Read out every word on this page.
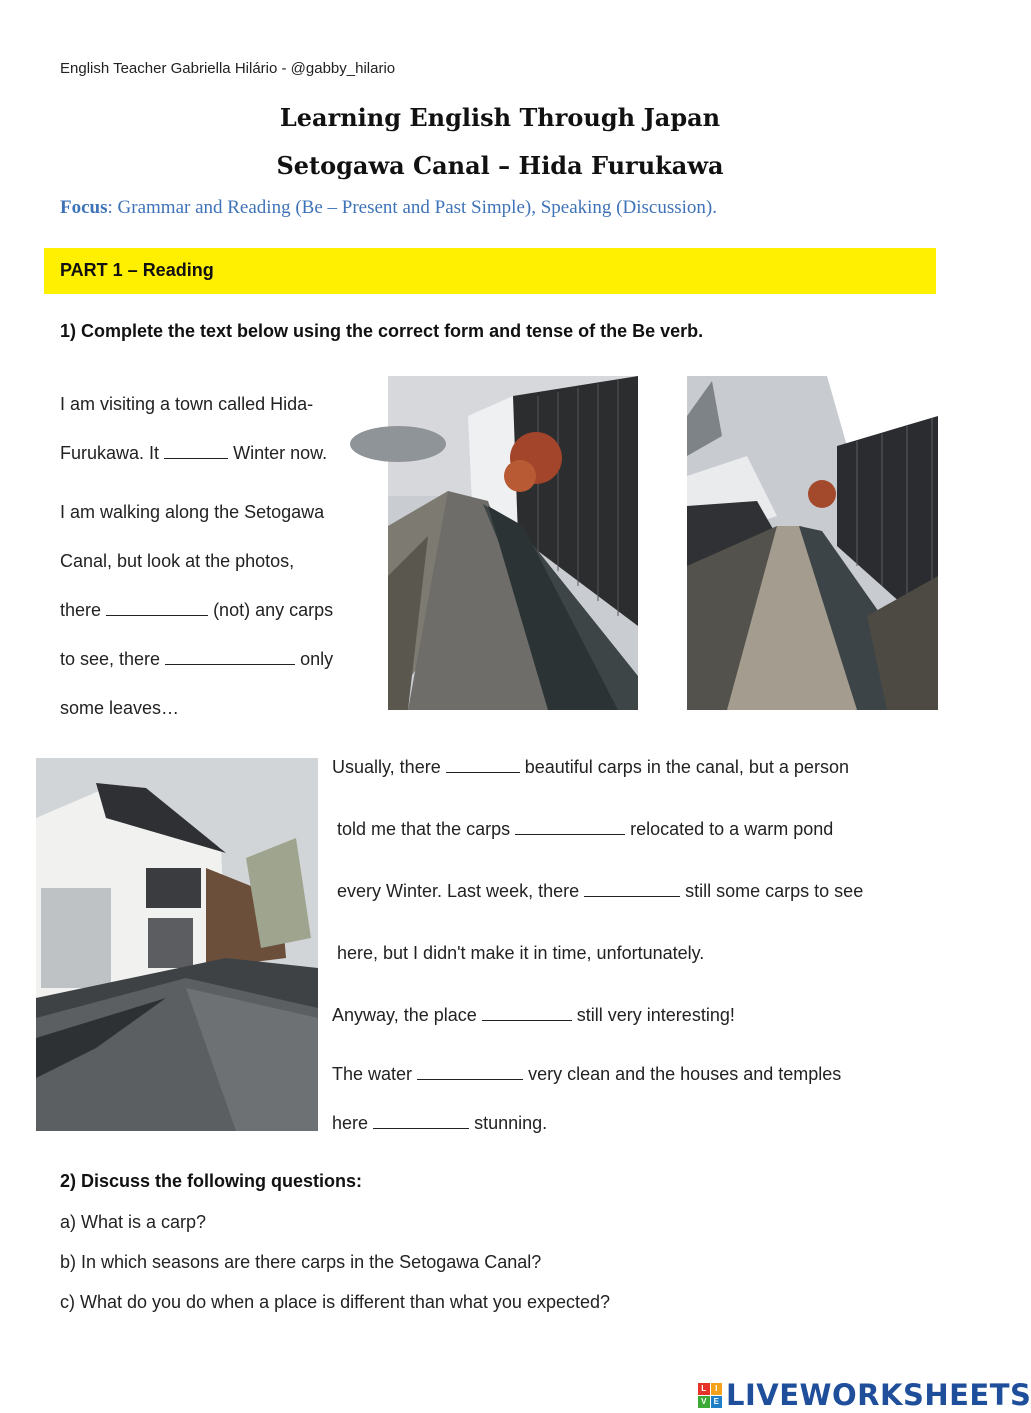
English Teacher Gabriella Hilário - @gabby_hilario
Learning English Through Japan
Setogawa Canal – Hida Furukawa
Focus: Grammar and Reading (Be – Present and Past Simple), Speaking (Discussion).
PART 1 – Reading
1) Complete the text below using the correct form and tense of the Be verb.
I am visiting a town called Hida-
Furukawa. It	Winter now.
I am walking along the Setogawa
Canal, but look at the photos,
there	(not) any carps
to see, there	only
some leaves…
Usually, there	beautiful carps in the canal, but a person
told me that the carps	relocated to a warm pond
every Winter. Last week, there	still some carps to see
here, but I didn't make it in time, unfortunately.
Anyway, the place	still very interesting!
The water	very clean and the houses and temples
here	stunning.
2) Discuss the following questions:
a) What is a carp?
b) In which seasons are there carps in the Setogawa Canal?
c) What do you do when a place is different than what you expected?
L	I
V E LIVEWORKSHEETS
